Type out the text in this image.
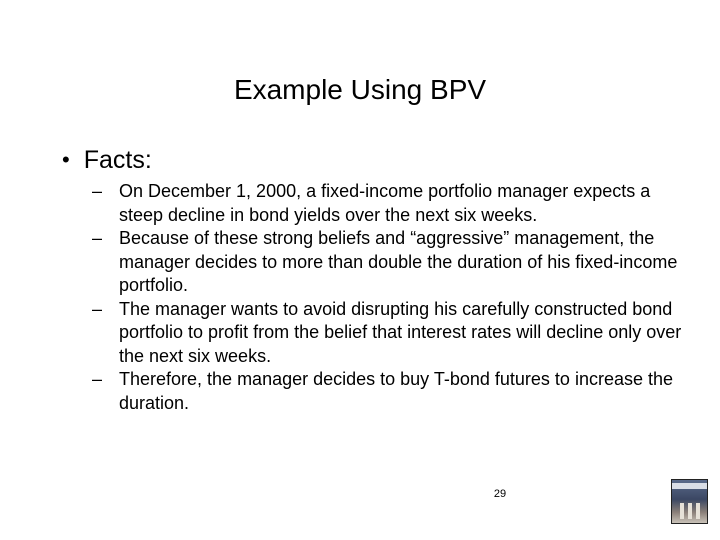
Example Using BPV
• Facts:
– On December 1, 2000, a fixed-income portfolio manager expects a steep decline in bond yields over the next six weeks.
– Because of these strong beliefs and “aggressive” management, the manager decides to more than double the duration of his fixed-income portfolio.
– The manager wants to avoid disrupting his carefully constructed bond portfolio to profit from the belief that interest rates will decline only over the next six weeks.
– Therefore, the manager decides to buy T-bond futures to increase the duration.
29
